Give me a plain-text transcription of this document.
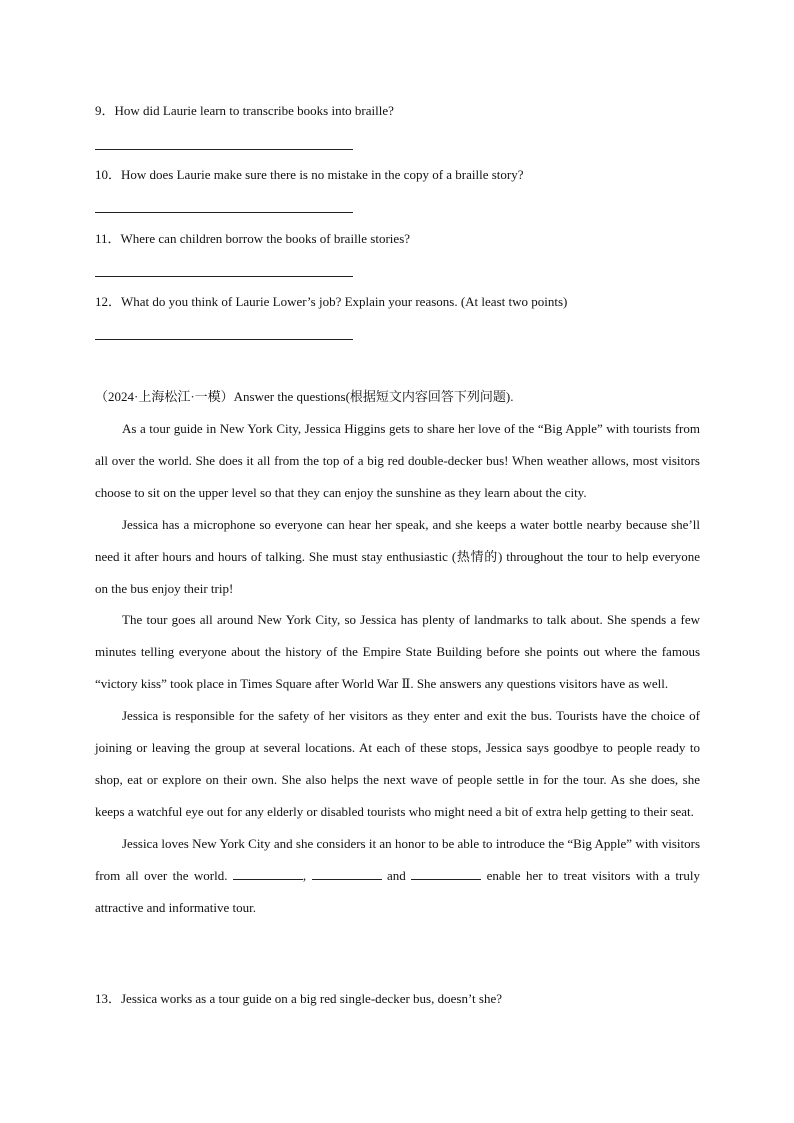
9．How did Laurie learn to transcribe books into braille?
10．How does Laurie make sure there is no mistake in the copy of a braille story?
11．Where can children borrow the books of braille stories?
12．What do you think of Laurie Lower’s job? Explain your reasons. (At least two points)
（2024·上海松江·一模）Answer the questions(根据短文内容回答下列问题).

As a tour guide in New York City, Jessica Higgins gets to share her love of the “Big Apple” with tourists from all over the world. She does it all from the top of a big red double-decker bus! When weather allows, most visitors choose to sit on the upper level so that they can enjoy the sunshine as they learn about the city.

Jessica has a microphone so everyone can hear her speak, and she keeps a water bottle nearby because she’ll need it after hours and hours of talking. She must stay enthusiastic (热情的) throughout the tour to help everyone on the bus enjoy their trip!

The tour goes all around New York City, so Jessica has plenty of landmarks to talk about. She spends a few minutes telling everyone about the history of the Empire State Building before she points out where the famous “victory kiss” took place in Times Square after World War Ⅱ. She answers any questions visitors have as well.

Jessica is responsible for the safety of her visitors as they enter and exit the bus. Tourists have the choice of joining or leaving the group at several locations. At each of these stops, Jessica says goodbye to people ready to shop, eat or explore on their own. She also helps the next wave of people settle in for the tour. As she does, she keeps a watchful eye out for any elderly or disabled tourists who might need a bit of extra help getting to their seat.

Jessica loves New York City and she considers it an honor to be able to introduce the “Big Apple” with visitors from all over the world.	,	and	enable her to treat visitors with a truly attractive and informative tour.

13．Jessica works as a tour guide on a big red single-decker bus, doesn’t she?
